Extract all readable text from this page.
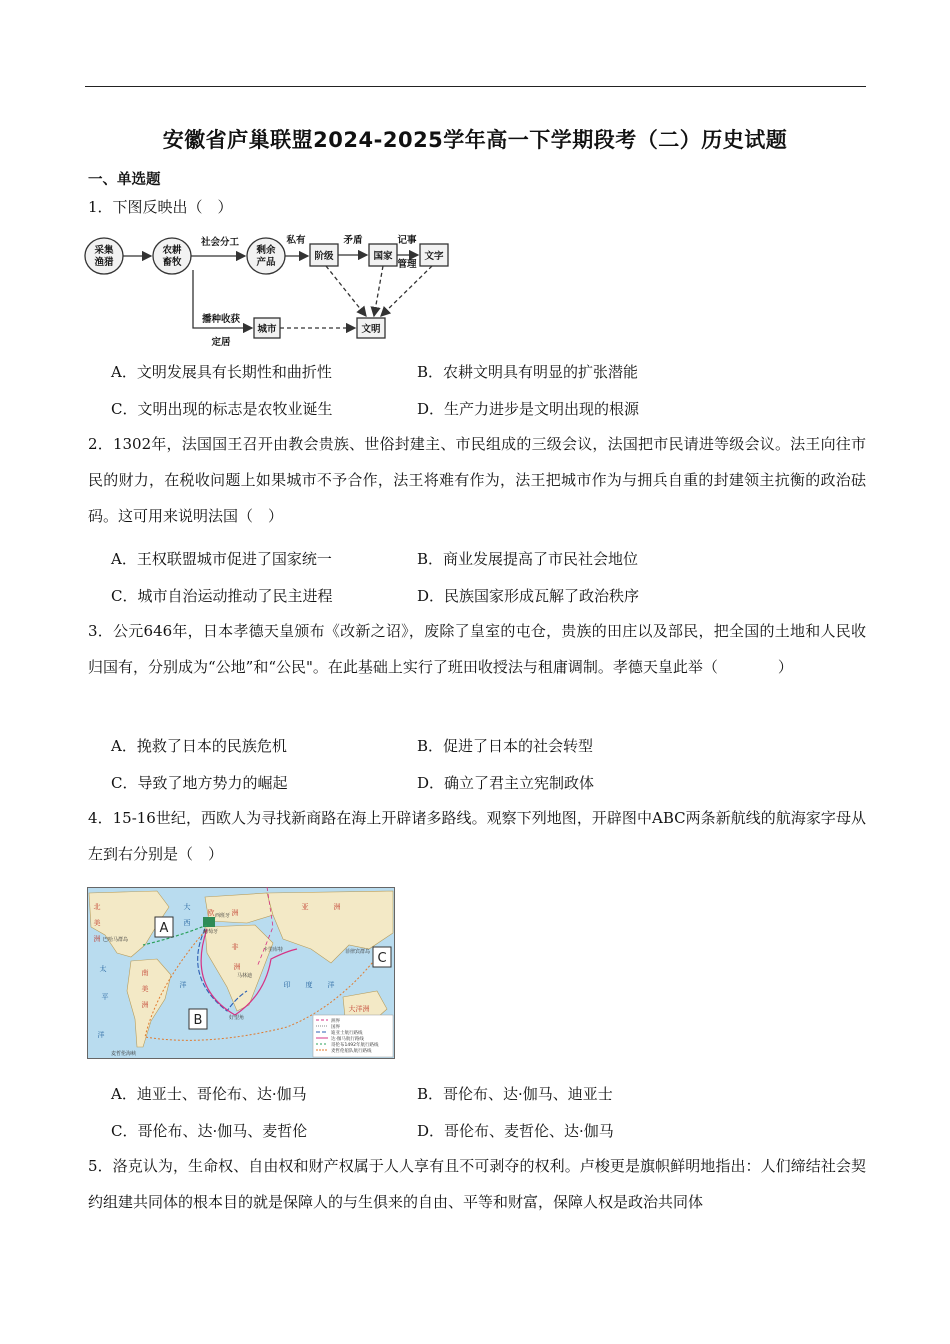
安徽省庐巢联盟2024-2025学年高一下学期段考（二）历史试题
一、单选题
1．下图反映出（　）
采集
渔猎
农耕
畜牧
剩余
产品
阶级	国家	文字
城市	文明
社会分工	私有	矛盾	记事
管理
播种收获
定居
A．文明发展具有长期性和曲折性	B．农耕文明具有明显的扩张潜能
C．文明出现的标志是农牧业诞生	D．生产力进步是文明出现的根源
2．1302年，法国国王召开由教会贵族、世俗封建主、市民组成的三级会议，法国把市民请进等级会议。法王向往市民的财力，在税收问题上如果城市不予合作，法王将难有作为，法王把城市作为与拥兵自重的封建领主抗衡的政治砝码。这可用来说明法国（　）
A．王权联盟城市促进了国家统一	B．商业发展提高了市民社会地位
C．城市自治运动推动了民主进程	D．民族国家形成瓦解了政治秩序
3．公元646年，日本孝德天皇颁布《改新之诏》，废除了皇室的屯仓，贵族的田庄以及部民，把全国的土地和人民收归国有，分别成为“公地”和“公民"。在此基础上实行了班田收授法与租庸调制。孝德天皇此举（　　　　）
A．挽救了日本的民族危机	B．促进了日本的社会转型
C．导致了地方势力的崛起	D．确立了君主立宪制政体
4．15-16世纪，西欧人为寻找新商路在海上开辟诸多路线。观察下列地图，开辟图中ABC两条新航线的航海家字母从左到右分别是（　）
A
B
C
北
美
洲
欧 洲
亚	洲
非
洲
南
美
洲	大洋洲
大
西
洋	印 度 洋
太
平
洋
巴哈马群岛
西班牙
葡萄牙
卡里库特
马林迪
好望角
菲律宾群岛
麦哲伦海峡
洲界
国界
迪亚士航行路线
达·伽马航行路线
哥伦布1492年航行路线
麦哲伦船队航行路线
A．迪亚士、哥伦布、达·伽马	B．哥伦布、达·伽马、迪亚士
C．哥伦布、达·伽马、麦哲伦	D．哥伦布、麦哲伦、达·伽马
5．洛克认为，生命权、自由权和财产权属于人人享有且不可剥夺的权利。卢梭更是旗帜鲜明地指出：人们缔结社会契约组建共同体的根本目的就是保障人的与生俱来的自由、平等和财富，保障人权是政治共同体
